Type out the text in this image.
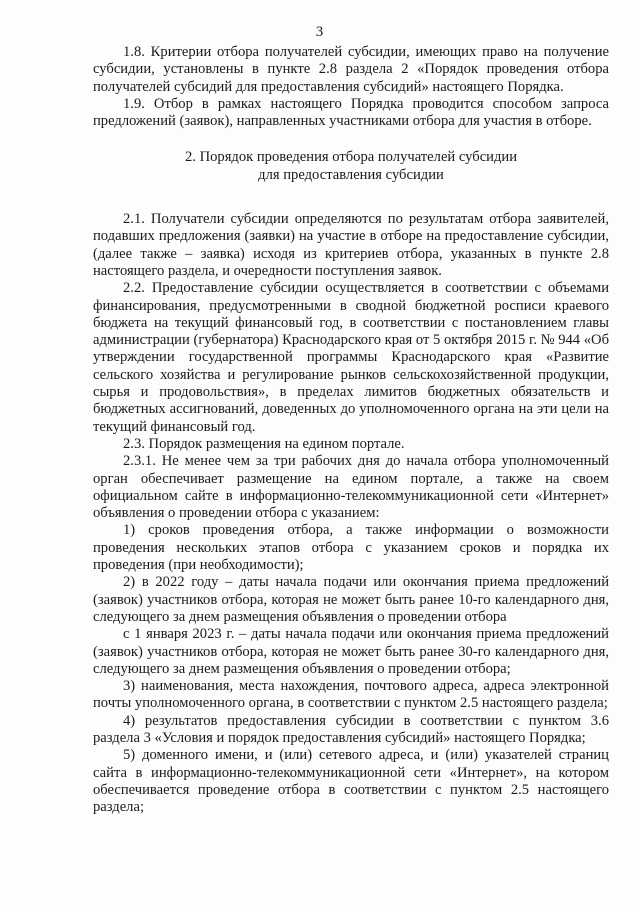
3

1.8. Критерии отбора получателей субсидии, имеющих право на получение субсидии, установлены в пункте 2.8 раздела 2 «Порядок проведения отбора получателей субсидий для предоставления субсидий» настоящего Порядка.

1.9. Отбор в рамках настоящего Порядка проводится способом запроса предложений (заявок), направленных участниками отбора для участия в отборе.

2. Порядок проведения отбора получателей субсидии
для предоставления субсидии

2.1. Получатели субсидии определяются по результатам отбора заявителей, подавших предложения (заявки) на участие в отборе на предоставление субсидии, (далее также – заявка) исходя из критериев отбора, указанных в пункте 2.8 настоящего раздела, и очередности поступления заявок.

2.2. Предоставление субсидии осуществляется в соответствии с объемами финансирования, предусмотренными в сводной бюджетной росписи краевого бюджета на текущий финансовый год, в соответствии с постановлением главы администрации (губернатора) Краснодарского края от 5 октября 2015 г. № 944 «Об утверждении государственной программы Краснодарского края «Развитие сельского хозяйства и регулирование рынков сельскохозяйственной продукции, сырья и продовольствия», в пределах лимитов бюджетных обязательств и бюджетных ассигнований, доведенных до уполномоченного органа на эти цели на текущий финансовый год.

2.3. Порядок размещения на едином портале.

2.3.1. Не менее чем за три рабочих дня до начала отбора уполномоченный орган обеспечивает размещение на едином портале, а также на своем официальном сайте в информационно-телекоммуникационной сети «Интернет» объявления о проведении отбора с указанием:

1) сроков проведения отбора, а также информации о возможности проведения нескольких этапов отбора с указанием сроков и порядка их проведения (при необходимости);

2) в 2022 году – даты начала подачи или окончания приема предложений (заявок) участников отбора, которая не может быть ранее 10-го календарного дня, следующего за днем размещения объявления о проведении отбора

с 1 января 2023 г. – даты начала подачи или окончания приема предложений (заявок) участников отбора, которая не может быть ранее 30-го календарного дня, следующего за днем размещения объявления о проведении отбора;

3) наименования, места нахождения, почтового адреса, адреса электронной почты уполномоченного органа, в соответствии с пунктом 2.5 настоящего раздела;

4) результатов предоставления субсидии в соответствии с пунктом 3.6 раздела 3 «Условия и порядок предоставления субсидий» настоящего Порядка;

5) доменного имени, и (или) сетевого адреса, и (или) указателей страниц сайта в информационно-телекоммуникационной сети «Интернет», на котором обеспечивается проведение отбора в соответствии с пунктом 2.5 настоящего раздела;
